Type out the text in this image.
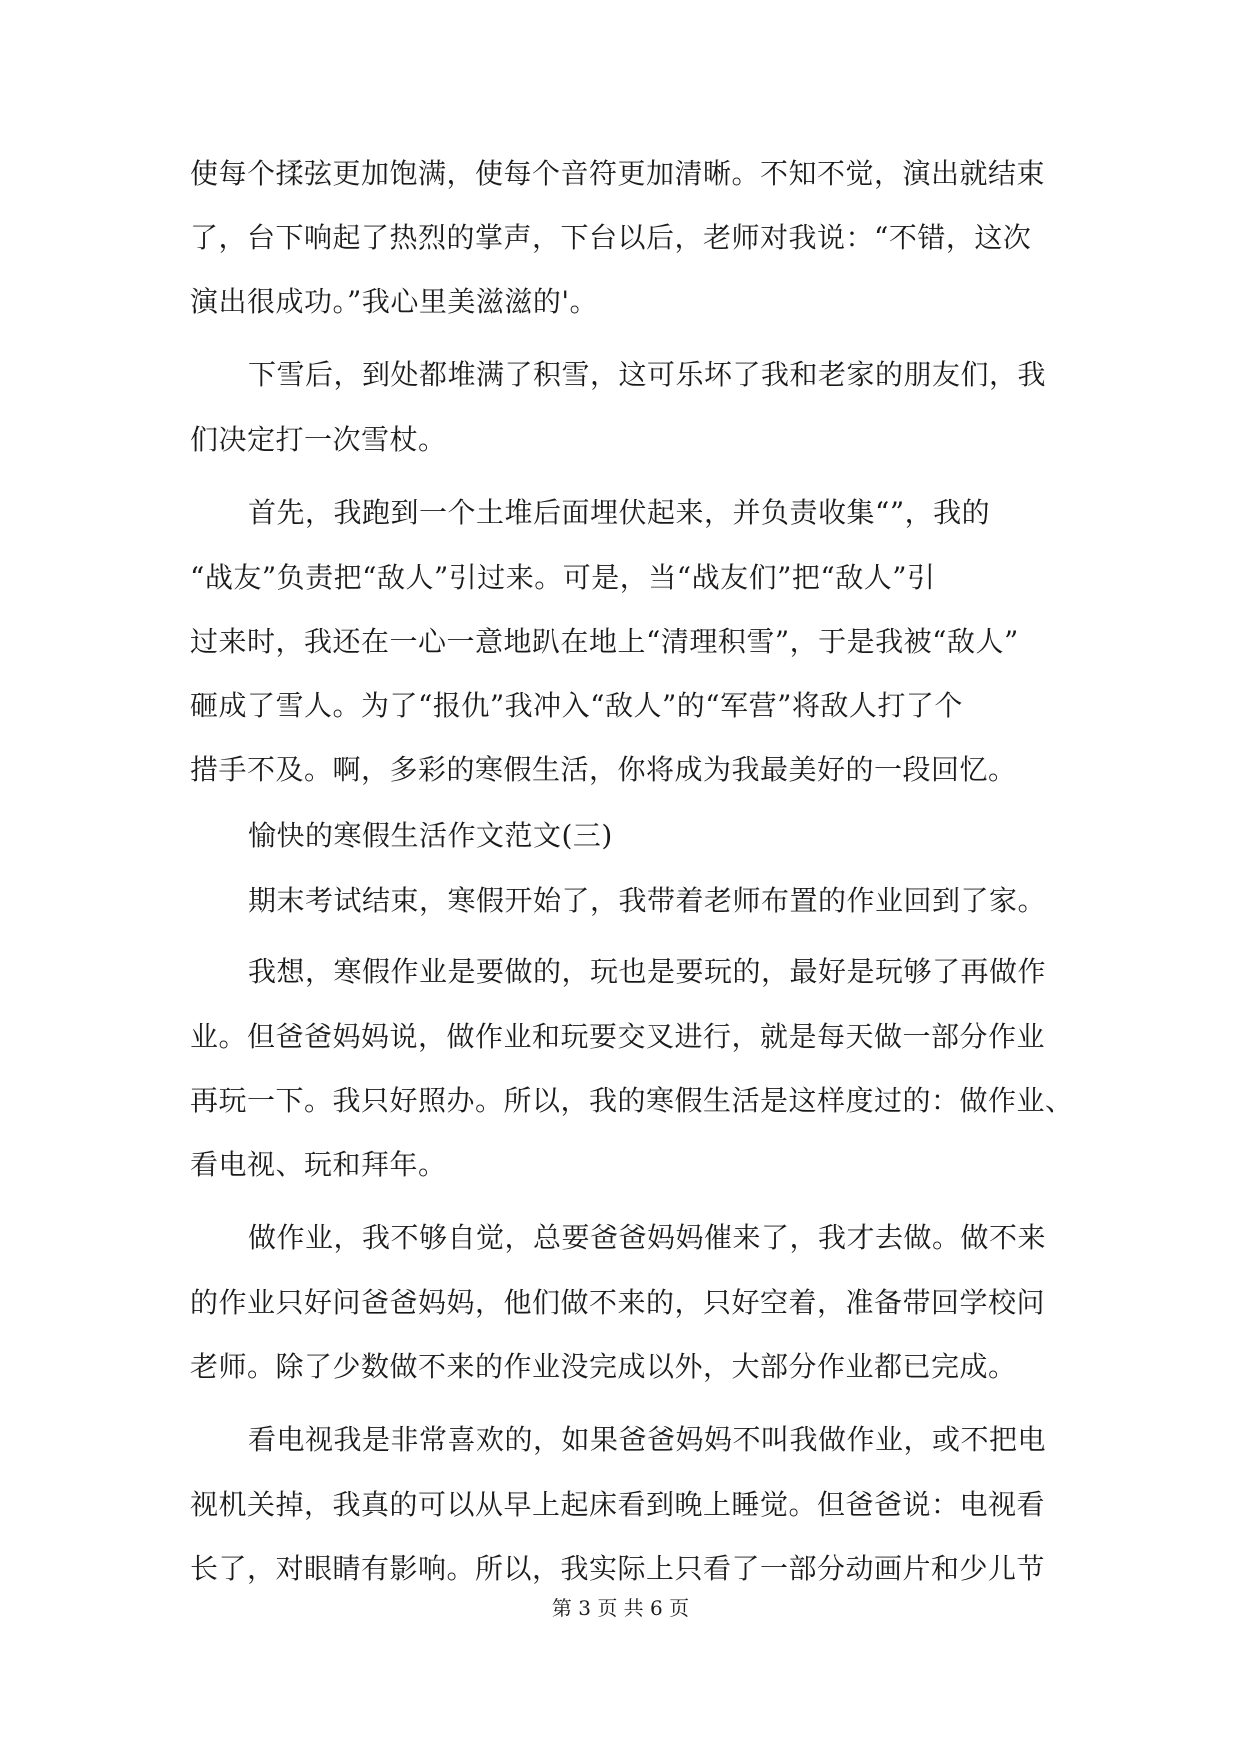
使每个揉弦更加饱满，使每个音符更加清晰。不知不觉，演出就结束
了，台下响起了热烈的掌声，下台以后，老师对我说：“不错，这次
演出很成功。”我心里美滋滋的'。
下雪后，到处都堆满了积雪，这可乐坏了我和老家的朋友们，我
们决定打一次雪杖。
首先，我跑到一个土堆后面埋伏起来，并负责收集“”，我的
“战友”负责把“敌人”引过来。可是，当“战友们”把“敌人”引
过来时，我还在一心一意地趴在地上“清理积雪”，于是我被“敌人”
砸成了雪人。为了“报仇”我冲入“敌人”的“军营”将敌人打了个
措手不及。啊，多彩的寒假生活，你将成为我最美好的一段回忆。
愉快的寒假生活作文范文(三)
期末考试结束，寒假开始了，我带着老师布置的作业回到了家。
我想，寒假作业是要做的，玩也是要玩的，最好是玩够了再做作
业。但爸爸妈妈说，做作业和玩要交叉进行，就是每天做一部分作业
再玩一下。我只好照办。所以，我的寒假生活是这样度过的：做作业、
看电视、玩和拜年。
做作业，我不够自觉，总要爸爸妈妈催来了，我才去做。做不来
的作业只好问爸爸妈妈，他们做不来的，只好空着，准备带回学校问
老师。除了少数做不来的作业没完成以外，大部分作业都已完成。
看电视我是非常喜欢的，如果爸爸妈妈不叫我做作业，或不把电
视机关掉，我真的可以从早上起床看到晚上睡觉。但爸爸说：电视看
长了，对眼睛有影响。所以，我实际上只看了一部分动画片和少儿节
第 3 页 共 6 页
